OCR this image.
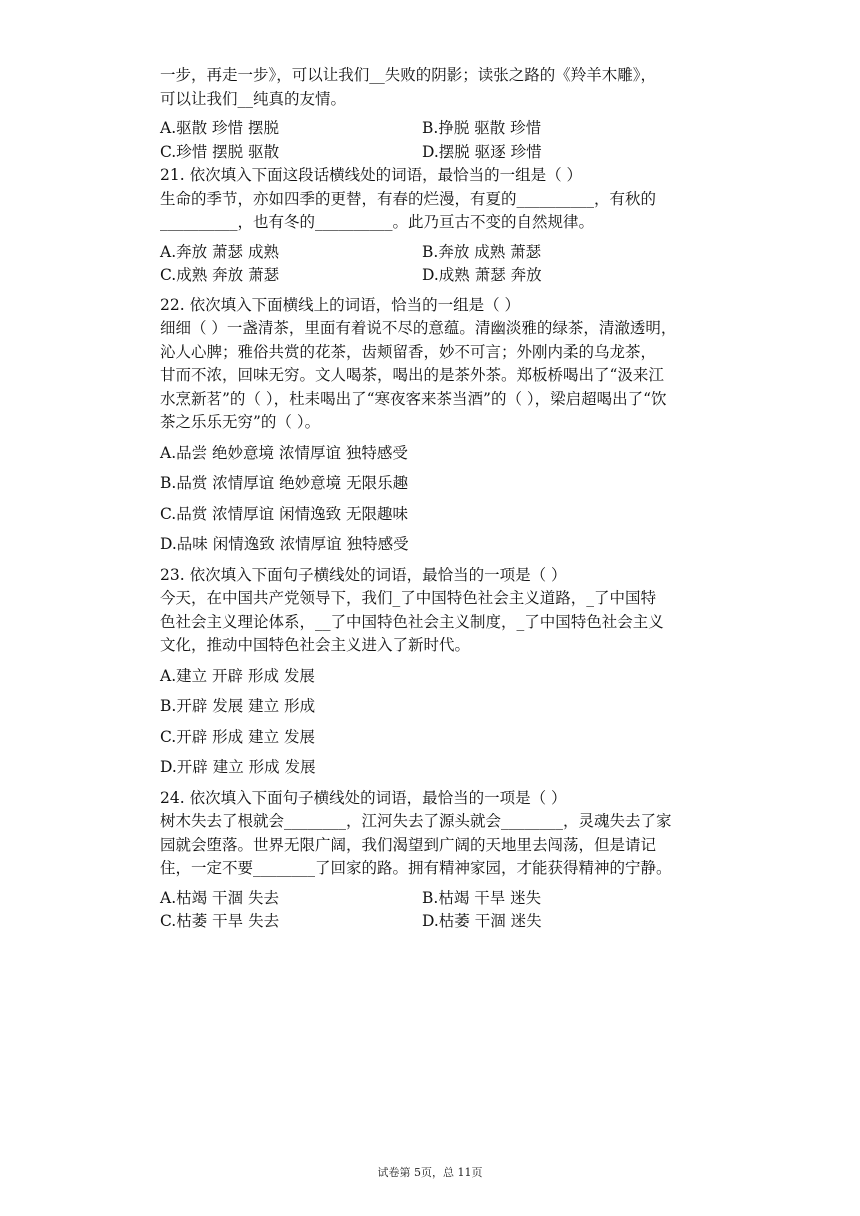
一步，再走一步》，可以让我们__失败的阴影；读张之路的《羚羊木雕》，
可以让我们__纯真的友情。
A.驱散 珍惜 摆脱	B.挣脱 驱散 珍惜
C.珍惜 摆脱 驱散	D.摆脱 驱逐 珍惜
21. 依次填入下面这段话横线处的词语，最恰当的一组是（ ）
生命的季节，亦如四季的更替，有春的烂漫，有夏的__________，有秋的
__________，也有冬的__________。此乃亘古不变的自然规律。
A.奔放 萧瑟 成熟	B.奔放 成熟 萧瑟
C.成熟 奔放 萧瑟	D.成熟 萧瑟 奔放
22. 依次填入下面横线上的词语，恰当的一组是（ ）
细细（ ）一盏清茶，里面有着说不尽的意蕴。清幽淡雅的绿茶，清澈透明，
沁人心脾；雅俗共赏的花茶，齿颊留香，妙不可言；外刚内柔的乌龙茶，
甘而不浓，回味无穷。文人喝茶，喝出的是茶外茶。郑板桥喝出了“汲来江
水烹新茗”的（ ），杜耒喝出了“寒夜客来茶当酒”的（ ），梁启超喝出了“饮
茶之乐乐无穷”的（ ）。
A.品尝 绝妙意境 浓情厚谊 独特感受
B.品赏 浓情厚谊 绝妙意境 无限乐趣
C.品赏 浓情厚谊 闲情逸致 无限趣味
D.品味 闲情逸致 浓情厚谊 独特感受
23. 依次填入下面句子横线处的词语，最恰当的一项是（ ）
今天，在中国共产党领导下，我们_了中国特色社会主义道路，_了中国特
色社会主义理论体系，__了中国特色社会主义制度，_了中国特色社会主义
文化，推动中国特色社会主义进入了新时代。
A.建立 开辟 形成 发展
B.开辟 发展 建立 形成
C.开辟 形成 建立 发展
D.开辟 建立 形成 发展
24. 依次填入下面句子横线处的词语，最恰当的一项是（ ）
树木失去了根就会________，江河失去了源头就会________，灵魂失去了家
园就会堕落。世界无限广阔，我们渴望到广阔的天地里去闯荡，但是请记
住，一定不要________了回家的路。拥有精神家园，才能获得精神的宁静。
A.枯竭 干涸 失去	B.枯竭 干旱 迷失
C.枯萎 干旱 失去	D.枯萎 干涸 迷失
试卷第 5页，总 11页
